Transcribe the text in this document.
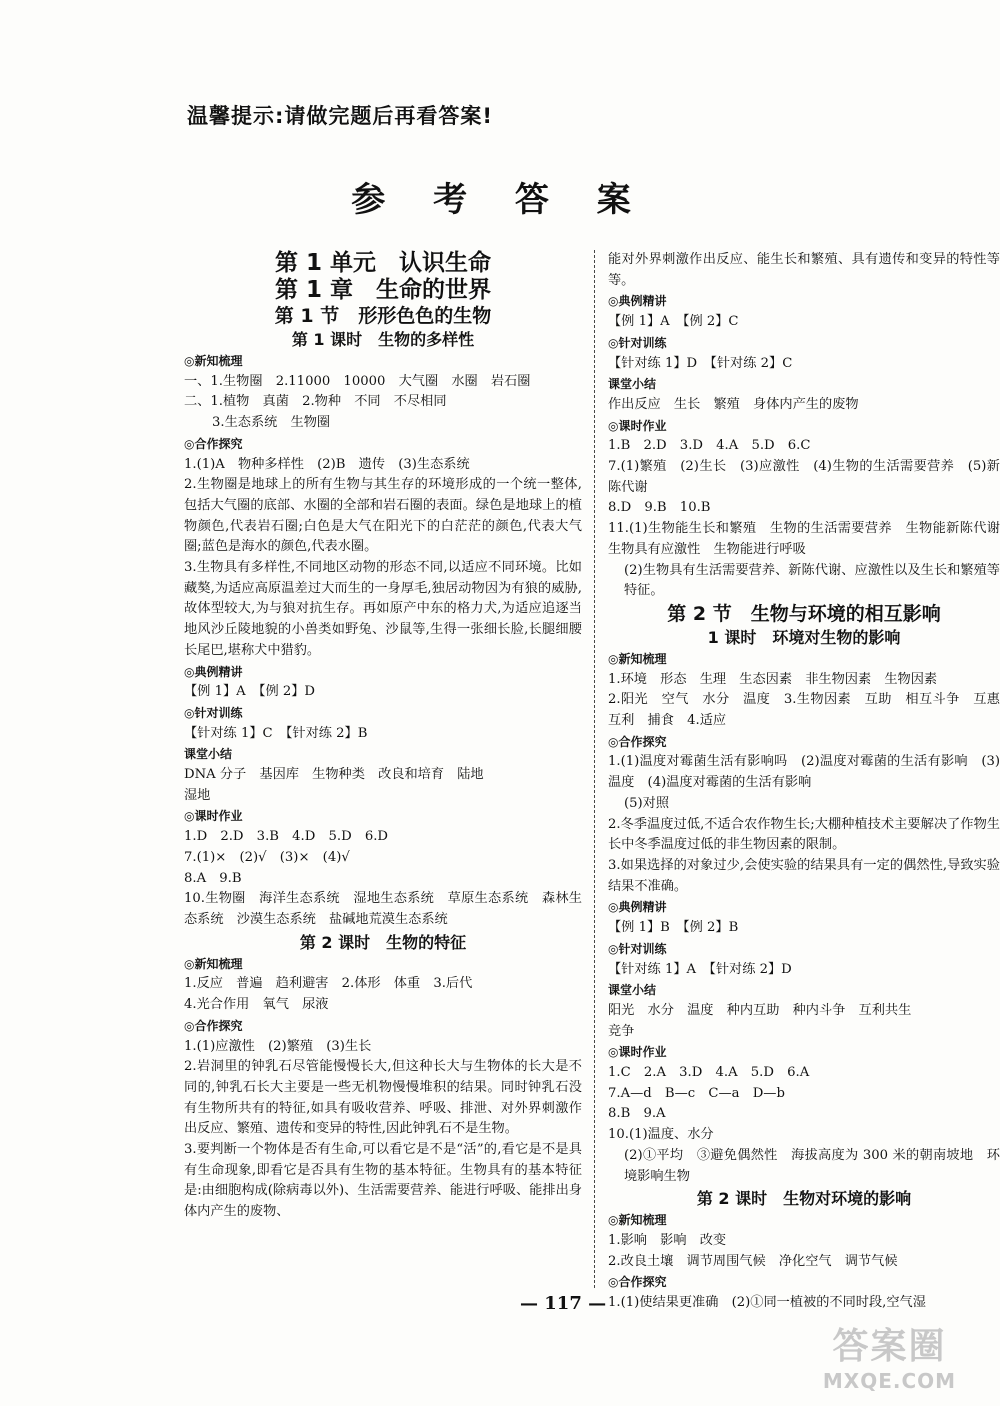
温馨提示:请做完题后再看答案!
参 考 答 案
第 1 单元　认识生命
第 1 章　生命的世界
第 1 节　形形色色的生物
第 1 课时　生物的多样性

◎新知梳理

一、1.生物圈　2.11000　10000　大气圈　水圈　岩石圈

二、1.植物　真菌　2.物种　不同　不尽相同

3.生态系统　生物圈

◎合作探究

1.(1)A　物种多样性　(2)B　遗传　(3)生态系统

2.生物圈是地球上的所有生物与其生存的环境形成的一个统一整体,包括大气圈的底部、水圈的全部和岩石圈的表面。绿色是地球上的植物颜色,代表岩石圈;白色是大气在阳光下的白茫茫的颜色,代表大气圈;蓝色是海水的颜色,代表水圈。

3.生物具有多样性,不同地区动物的形态不同,以适应不同环境。比如藏獒,为适应高原温差过大而生的一身厚毛,独居动物因为有狼的威胁,故体型较大,为与狼对抗生存。再如原产中东的格力犬,为适应追逐当地风沙丘陵地貌的小兽类如野兔、沙鼠等,生得一张细长脸,长腿细腰长尾巴,堪称犬中猎豹。

◎典例精讲

【例 1】A　【例 2】D

◎针对训练

【针对练 1】C　【针对练 2】B

课堂小结

DNA 分子　基因库　生物种类　改良和培育　陆地

湿地

◎课时作业

1.D　2.D　3.B　4.D　5.D　6.D

7.(1)×　(2)√　(3)×　(4)√

8.A　9.B

10.生物圈　海洋生态系统　湿地生态系统　草原生态系统　森林生态系统　沙漠生态系统　盐碱地荒漠生态系统

第 2 课时　生物的特征

◎新知梳理

1.反应　普遍　趋利避害　2.体形　体重　3.后代

4.光合作用　氧气　尿液

◎合作探究

1.(1)应激性　(2)繁殖　(3)生长

2.岩洞里的钟乳石尽管能慢慢长大,但这种长大与生物体的长大是不同的,钟乳石长大主要是一些无机物慢慢堆积的结果。同时钟乳石没有生物所共有的特征,如具有吸收营养、呼吸、排泄、对外界刺激作出反应、繁殖、遗传和变异的特性,因此钟乳石不是生物。

3.要判断一个物体是否有生命,可以看它是不是“活”的,看它是不是具有生命现象,即看它是否具有生物的基本特征。生物具有的基本特征是:由细胞构成(除病毒以外)、生活需要营养、能进行呼吸、能排出身体内产生的废物、

能对外界刺激作出反应、能生长和繁殖、具有遗传和变异的特性等等。

◎典例精讲

【例 1】A　【例 2】C

◎针对训练

【针对练 1】D　【针对练 2】C

课堂小结

作出反应　生长　繁殖　身体内产生的废物

◎课时作业

1.B　2.D　3.D　4.A　5.D　6.C

7.(1)繁殖　(2)生长　(3)应激性　(4)生物的生活需要营养　(5)新陈代谢

8.D　9.B　10.B

11.(1)生物能生长和繁殖　生物的生活需要营养　生物能新陈代谢　生物具有应激性　生物能进行呼吸

(2)生物具有生活需要营养、新陈代谢、应激性以及生长和繁殖等特征。

第 2 节　生物与环境的相互影响
1 课时　环境对生物的影响

◎新知梳理

1.环境　形态　生理　生态因素　非生物因素　生物因素

2.阳光　空气　水分　温度　3.生物因素　互助　相互斗争　互惠互利　捕食　4.适应

◎合作探究

1.(1)温度对霉菌生活有影响吗　(2)温度对霉菌的生活有影响　(3)温度　(4)温度对霉菌的生活有影响

(5)对照

2.冬季温度过低,不适合农作物生长;大棚种植技术主要解决了作物生长中冬季温度过低的非生物因素的限制。

3.如果选择的对象过少,会使实验的结果具有一定的偶然性,导致实验结果不准确。

◎典例精讲

【例 1】B　【例 2】B

◎针对训练

【针对练 1】A　【针对练 2】D

课堂小结

阳光　水分　温度　种内互助　种内斗争　互利共生

竞争

◎课时作业

1.C　2.A　3.D　4.A　5.D　6.A

7.A—d　B—c　C—a　D—b

8.B　9.A

10.(1)温度、水分

(2)①平均　③避免偶然性　海拔高度为 300 米的朝南坡地　环境影响生物

第 2 课时　生物对环境的影响

◎新知梳理

1.影响　影响　改变

2.改良土壤　调节周围气候　净化空气　调节气候

◎合作探究

1.(1)使结果更准确　(2)①同一植被的不同时段,空气湿

— 117 —
答案圈
MXQE.COM
